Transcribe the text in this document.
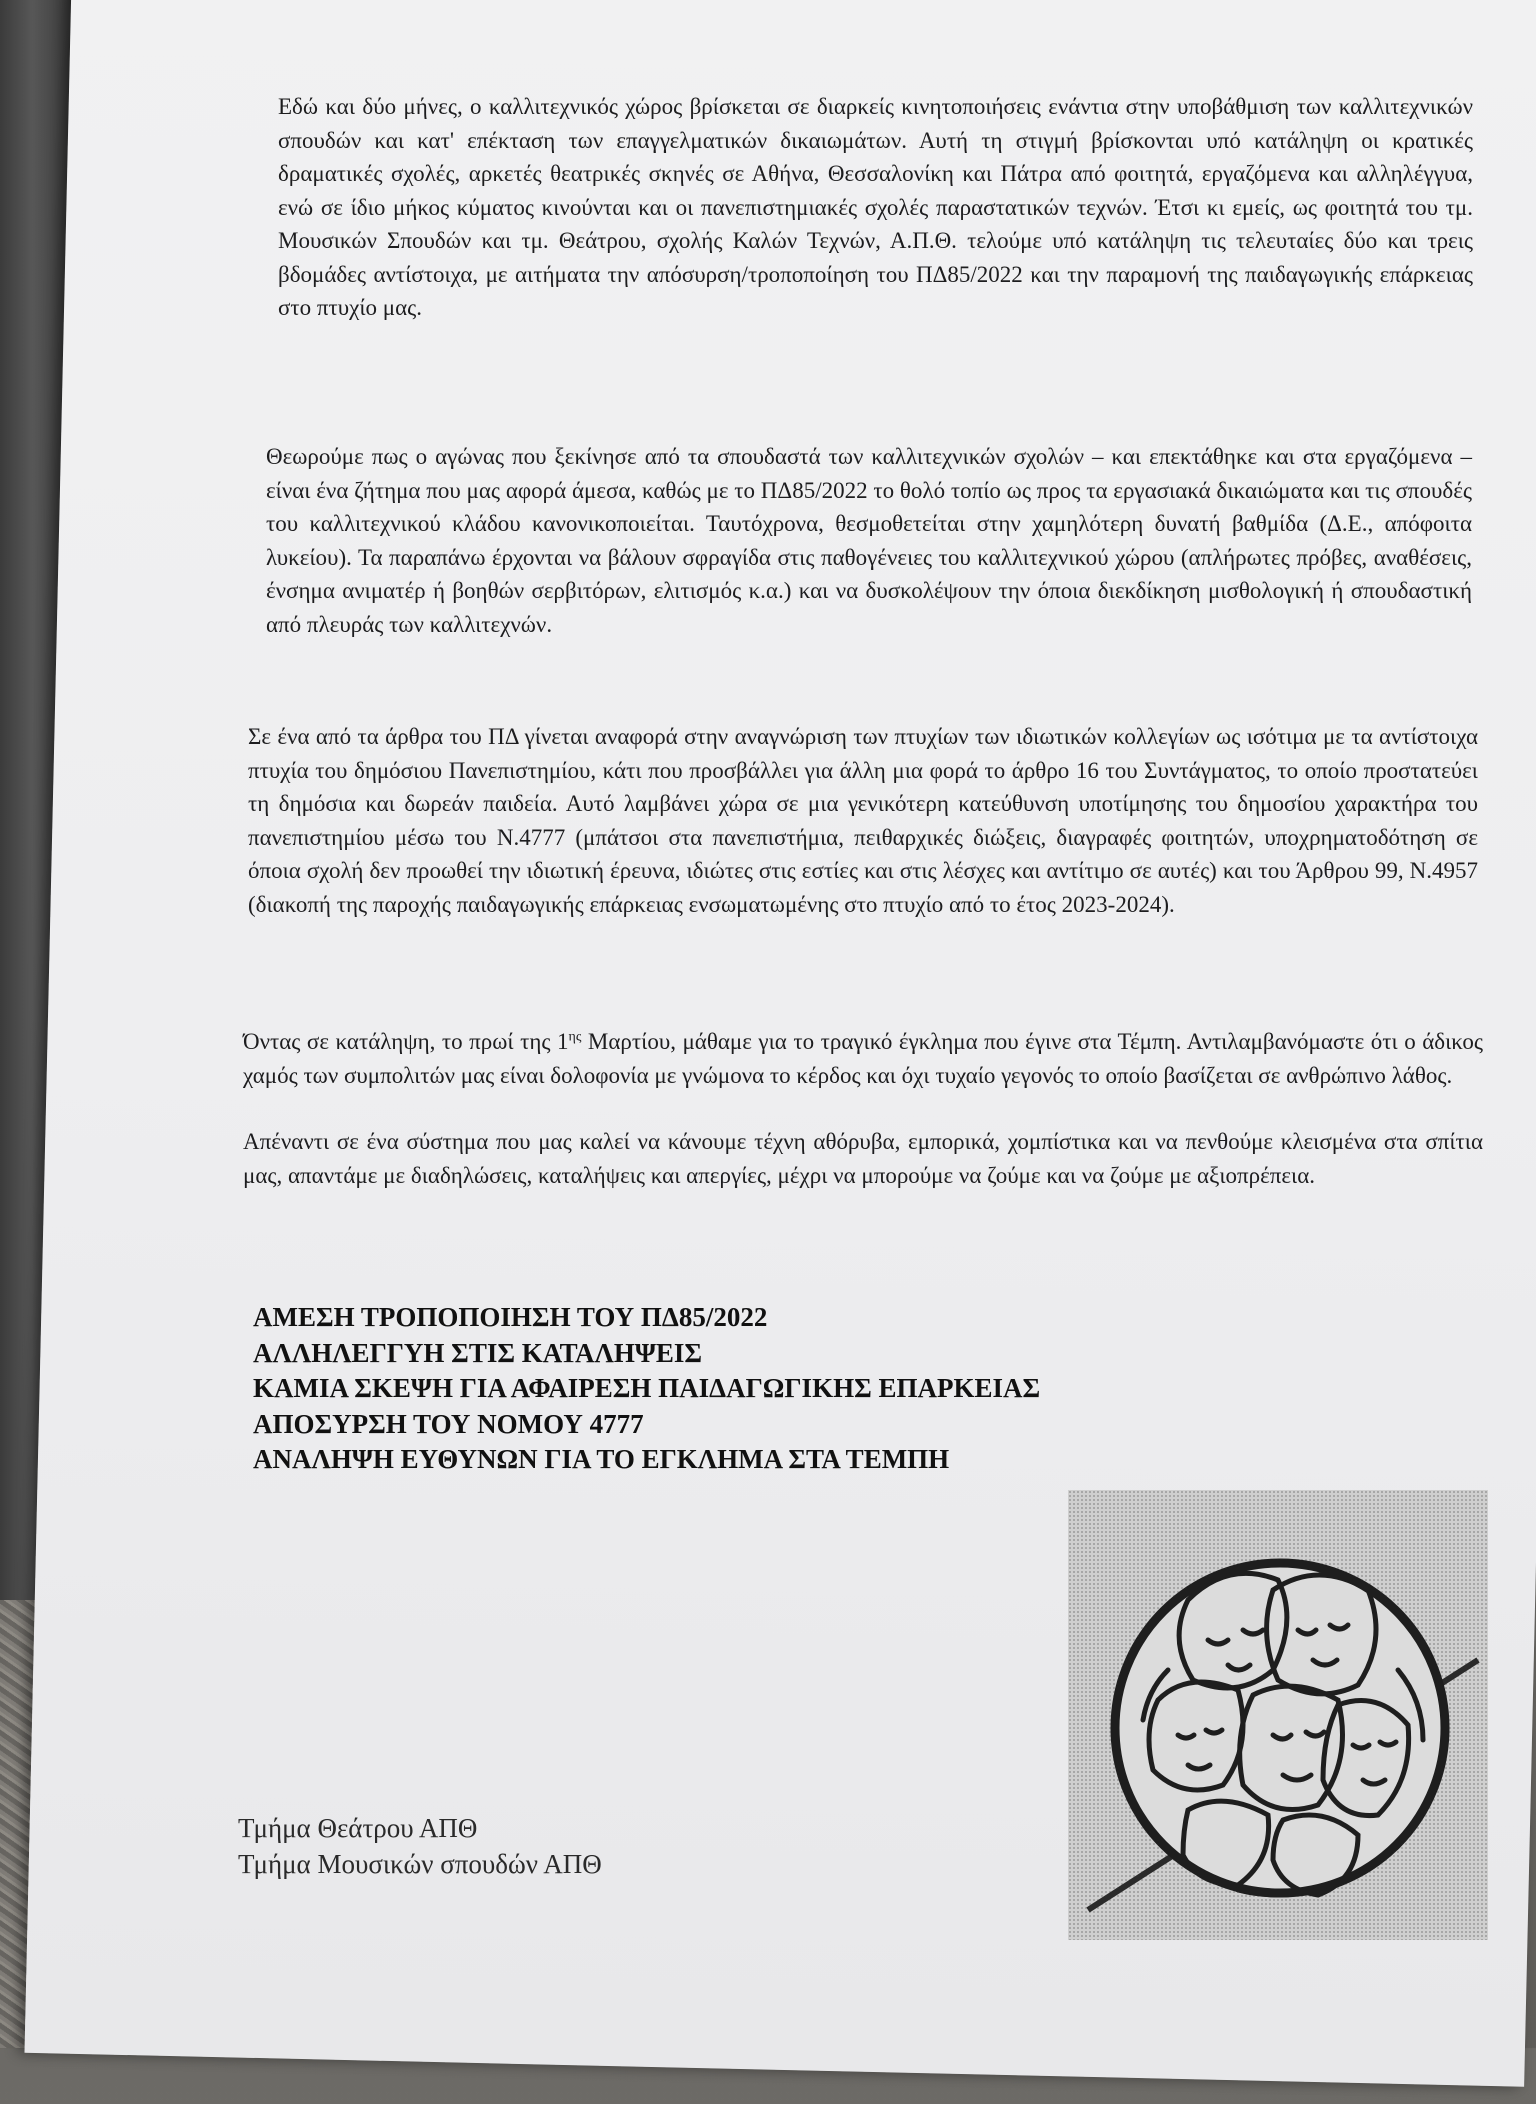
Εδώ και δύο μήνες, ο καλλιτεχνικός χώρος βρίσκεται σε διαρκείς κινητοποιήσεις ενάντια στην υποβάθμιση των καλλιτεχνικών σπουδών και κατ' επέκταση των επαγγελματικών δικαιωμάτων. Αυτή τη στιγμή βρίσκονται υπό κατάληψη οι κρατικές δραματικές σχολές, αρκετές θεατρικές σκηνές σε Αθήνα, Θεσσαλονίκη και Πάτρα από φοιτητά, εργαζόμενα και αλληλέγγυα, ενώ σε ίδιο μήκος κύματος κινούνται και οι πανεπιστημιακές σχολές παραστατικών τεχνών. Έτσι κι εμείς, ως φοιτητά του τμ. Μουσικών Σπουδών και τμ. Θεάτρου, σχολής Καλών Τεχνών, Α.Π.Θ. τελούμε υπό κατάληψη τις τελευταίες δύο και τρεις βδομάδες αντίστοιχα, με αιτήματα την απόσυρση/τροποποίηση του ΠΔ85/2022 και την παραμονή της παιδαγωγικής επάρκειας στο πτυχίο μας.

Θεωρούμε πως ο αγώνας που ξεκίνησε από τα σπουδαστά των καλλιτεχνικών σχολών – και επεκτάθηκε και στα εργαζόμενα – είναι ένα ζήτημα που μας αφορά άμεσα, καθώς με το ΠΔ85/2022 το θολό τοπίο ως προς τα εργασιακά δικαιώματα και τις σπουδές του καλλιτεχνικού κλάδου κανονικοποιείται. Ταυτόχρονα, θεσμοθετείται στην χαμηλότερη δυνατή βαθμίδα (Δ.Ε., απόφοιτα λυκείου). Τα παραπάνω έρχονται να βάλουν σφραγίδα στις παθογένειες του καλλιτεχνικού χώρου (απλήρωτες πρόβες, αναθέσεις, ένσημα ανιματέρ ή βοηθών σερβιτόρων, ελιτισμός κ.α.) και να δυσκολέψουν την όποια διεκδίκηση μισθολογική ή σπουδαστική από πλευράς των καλλιτεχνών.

Σε ένα από τα άρθρα του ΠΔ γίνεται αναφορά στην αναγνώριση των πτυχίων των ιδιωτικών κολλεγίων ως ισότιμα με τα αντίστοιχα πτυχία του δημόσιου Πανεπιστημίου, κάτι που προσβάλλει για άλλη μια φορά το άρθρο 16 του Συντάγματος, το οποίο προστατεύει τη δημόσια και δωρεάν παιδεία. Αυτό λαμβάνει χώρα σε μια γενικότερη κατεύθυνση υποτίμησης του δημοσίου χαρακτήρα του πανεπιστημίου μέσω του Ν.4777 (μπάτσοι στα πανεπιστήμια, πειθαρχικές διώξεις, διαγραφές φοιτητών, υποχρηματοδότηση σε όποια σχολή δεν προωθεί την ιδιωτική έρευνα, ιδιώτες στις εστίες και στις λέσχες και αντίτιμο σε αυτές) και του Άρθρου 99, Ν.4957 (διακοπή της παροχής παιδαγωγικής επάρκειας ενσωματωμένης στο πτυχίο από το έτος 2023-2024).

Όντας σε κατάληψη, το πρωί της $1^{\eta\varsigma}$ Μαρτίου, μάθαμε για το τραγικό έγκλημα που έγινε στα Τέμπη. Αντιλαμβανόμαστε ότι ο άδικος χαμός των συμπολιτών μας είναι δολοφονία με γνώμονα το κέρδος και όχι τυχαίο γεγονός το οποίο βασίζεται σε ανθρώπινο λάθος.

Απέναντι σε ένα σύστημα που μας καλεί να κάνουμε τέχνη αθόρυβα, εμπορικά, χομπίστικα και να πενθούμε κλεισμένα στα σπίτια μας, απαντάμε με διαδηλώσεις, καταλήψεις και απεργίες, μέχρι να μπορούμε να ζούμε και να ζούμε με αξιοπρέπεια.

ΑΜΕΣΗ ΤΡΟΠΟΠΟΙΗΣΗ ΤΟΥ ΠΔ85/2022
ΑΛΛΗΛΕΓΓΥΗ ΣΤΙΣ ΚΑΤΑΛΗΨΕΙΣ
ΚΑΜΙΑ ΣΚΕΨΗ ΓΙΑ ΑΦΑΙΡΕΣΗ ΠΑΙΔΑΓΩΓΙΚΗΣ ΕΠΑΡΚΕΙΑΣ
ΑΠΟΣΥΡΣΗ ΤΟΥ ΝΟΜΟΥ 4777
ΑΝΑΛΗΨΗ ΕΥΘΥΝΩΝ ΓΙΑ ΤΟ ΕΓΚΛΗΜΑ ΣΤΑ ΤΕΜΠΗ
Τμήμα Θεάτρου ΑΠΘ
Τμήμα Μουσικών σπουδών ΑΠΘ
